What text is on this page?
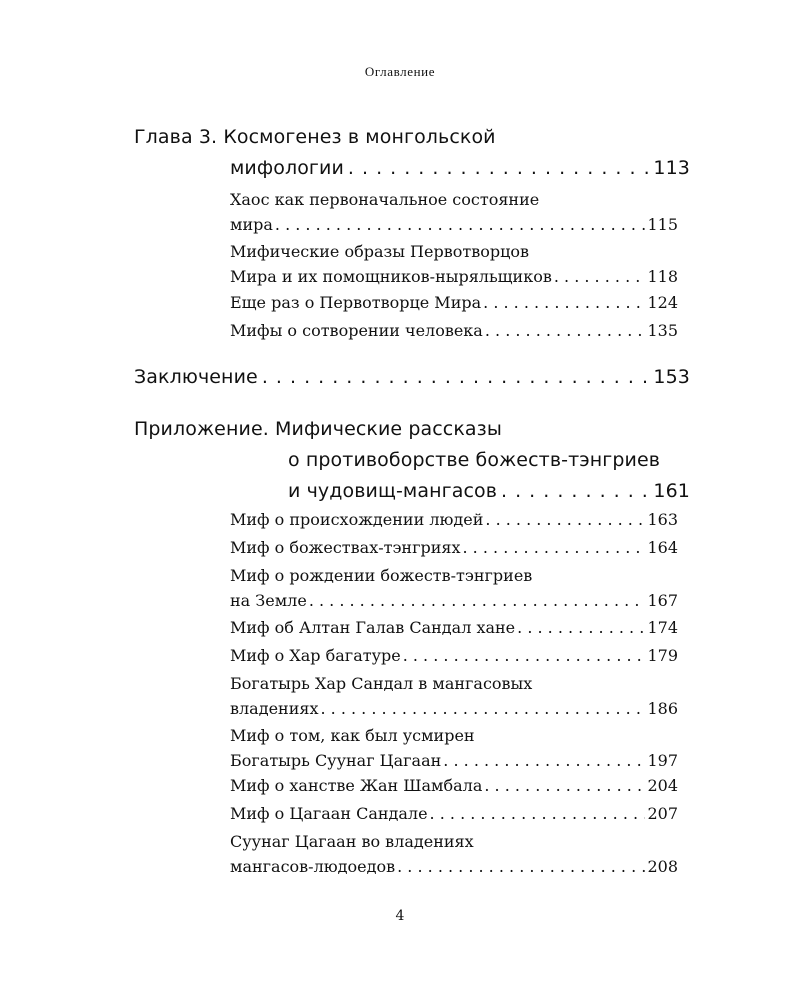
Оглавление
Глава 3. Космогенез в монгольской
мифологии . . .	113
Хаос как первоначальное состояние
мира . . .	115
Мифические образы Первотворцов
Мира и их помощников-ныряльщиков . . .	118
Еще раз о Первотворце Мира . . .	124
Мифы о сотворении человека . . .	135
Заключение . . .	153
Приложение. Мифические рассказы
о противоборстве божеств-тэнгриев
и чудовищ-мангасов . . .	161
Миф о происхождении людей . . .	163
Миф о божествах-тэнгриях . . .	164
Миф о рождении божеств-тэнгриев
на Земле . . .	167
Миф об Алтан Галав Сандал хане . . .	174
Миф о Хар багатуре . . .	179
Богатырь Хар Сандал в мангасовых
владениях . . .	186
Миф о том, как был усмирен
Богатырь Суунаг Цагаан . . .	197
Миф о ханстве Жан Шамбала . . .	204
Миф о Цагаан Сандале . . .	207
Суунаг Цагаан во владениях
мангасов-людоедов . . .	208
4
